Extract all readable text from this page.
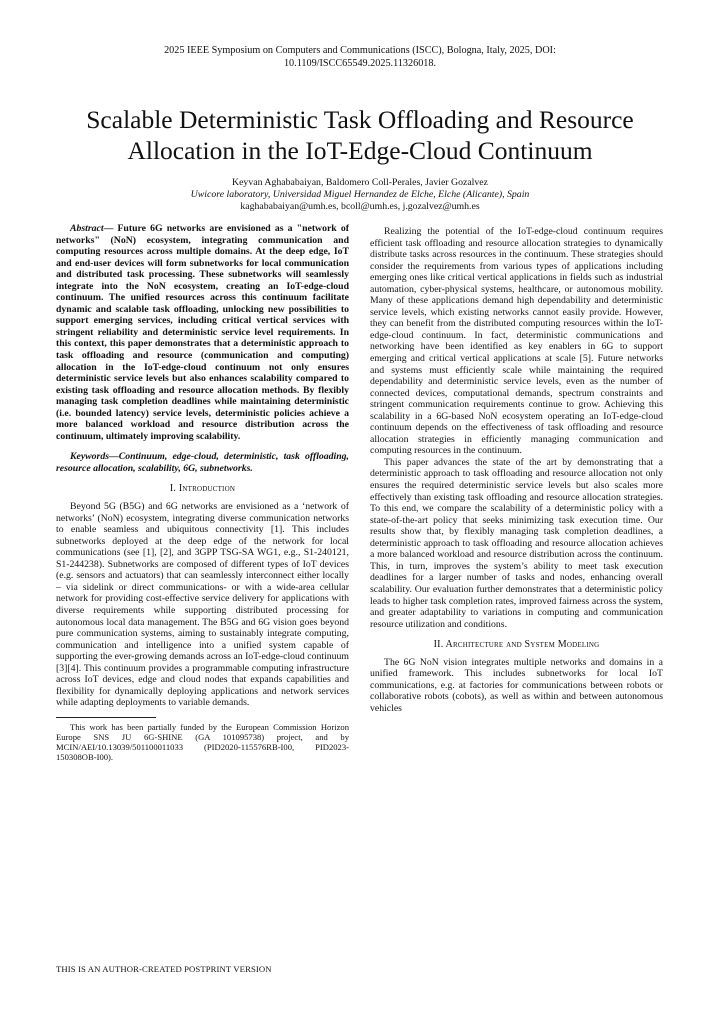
2025 IEEE Symposium on Computers and Communications (ISCC), Bologna, Italy, 2025, DOI:
10.1109/ISCC65549.2025.11326018.
Scalable Deterministic Task Offloading and Resource
Allocation in the IoT-Edge-Cloud Continuum
Keyvan Aghababaiyan, Baldomero Coll-Perales, Javier Gozalvez
Uwicore laboratory, Universidad Miguel Hernandez de Elche, Elche (Alicante), Spain
kaghababaiyan@umh.es, bcoll@umh.es, j.gozalvez@umh.es

Abstract— Future 6G networks are envisioned as a "network of networks" (NoN) ecosystem, integrating communication and computing resources across multiple domains. At the deep edge, IoT and end-user devices will form subnetworks for local communication and distributed task processing. These subnetworks will seamlessly integrate into the NoN ecosystem, creating an IoT-edge-cloud continuum. The unified resources across this continuum facilitate dynamic and scalable task offloading, unlocking new possibilities to support emerging services, including critical vertical services with stringent reliability and deterministic service level requirements. In this context, this paper demonstrates that a deterministic approach to task offloading and resource (communication and computing) allocation in the IoT-edge-cloud continuum not only ensures deterministic service levels but also enhances scalability compared to existing task offloading and resource allocation methods. By flexibly managing task completion deadlines while maintaining deterministic (i.e. bounded latency) service levels, deterministic policies achieve a more balanced workload and resource distribution across the continuum, ultimately improving scalability.

Keywords—Continuum, edge-cloud, deterministic, task offloading, resource allocation, scalability, 6G, subnetworks.

I. Introduction

Beyond 5G (B5G) and 6G networks are envisioned as a ‘network of networks’ (NoN) ecosystem, integrating diverse communication networks to enable seamless and ubiquitous connectivity [1]. This includes subnetworks deployed at the deep edge of the network for local communications (see [1], [2], and 3GPP TSG-SA WG1, e.g., S1-240121, S1-244238). Subnetworks are composed of different types of IoT devices (e.g. sensors and actuators) that can seamlessly interconnect either locally – via sidelink or direct communications- or with a wide-area cellular network for providing cost-effective service delivery for applications with diverse requirements while supporting distributed processing for autonomous local data management. The B5G and 6G vision goes beyond pure communication systems, aiming to sustainably integrate computing, communication and intelligence into a unified system capable of supporting the ever-growing demands across an IoT-edge-cloud continuum [3][4]. This continuum provides a programmable computing infrastructure across IoT devices, edge and cloud nodes that expands capabilities and flexibility for dynamically deploying applications and network services while adapting deployments to variable demands.

This work has been partially funded by the European Commission Horizon Europe SNS JU 6G-SHINE (GA 101095738) project, and by MCIN/AEI/10.13039/501100011033 (PID2020-115576RB-I00, PID2023-150308OB-I00).

Realizing the potential of the IoT-edge-cloud continuum requires efficient task offloading and resource allocation strategies to dynamically distribute tasks across resources in the continuum. These strategies should consider the requirements from various types of applications including emerging ones like critical vertical applications in fields such as industrial automation, cyber-physical systems, healthcare, or autonomous mobility. Many of these applications demand high dependability and deterministic service levels, which existing networks cannot easily provide. However, they can benefit from the distributed computing resources within the IoT-edge-cloud continuum. In fact, deterministic communications and networking have been identified as key enablers in 6G to support emerging and critical vertical applications at scale [5]. Future networks and systems must efficiently scale while maintaining the required dependability and deterministic service levels, even as the number of connected devices, computational demands, spectrum constraints and stringent communication requirements continue to grow. Achieving this scalability in a 6G-based NoN ecosystem operating an IoT-edge-cloud continuum depends on the effectiveness of task offloading and resource allocation strategies in efficiently managing communication and computing resources in the continuum.

This paper advances the state of the art by demonstrating that a deterministic approach to task offloading and resource allocation not only ensures the required deterministic service levels but also scales more effectively than existing task offloading and resource allocation strategies. To this end, we compare the scalability of a deterministic policy with a state-of-the-art policy that seeks minimizing task execution time. Our results show that, by flexibly managing task completion deadlines, a deterministic approach to task offloading and resource allocation achieves a more balanced workload and resource distribution across the continuum. This, in turn, improves the system’s ability to meet task execution deadlines for a larger number of tasks and nodes, enhancing overall scalability. Our evaluation further demonstrates that a deterministic policy leads to higher task completion rates, improved fairness across the system, and greater adaptability to variations in computing and communication resource utilization and conditions.

II. Architecture and System Modeling

The 6G NoN vision integrates multiple networks and domains in a unified framework. This includes subnetworks for local IoT communications, e.g. at factories for communications between robots or collaborative robots (cobots), as well as within and between autonomous vehicles

THIS IS AN AUTHOR-CREATED POSTPRINT VERSION
